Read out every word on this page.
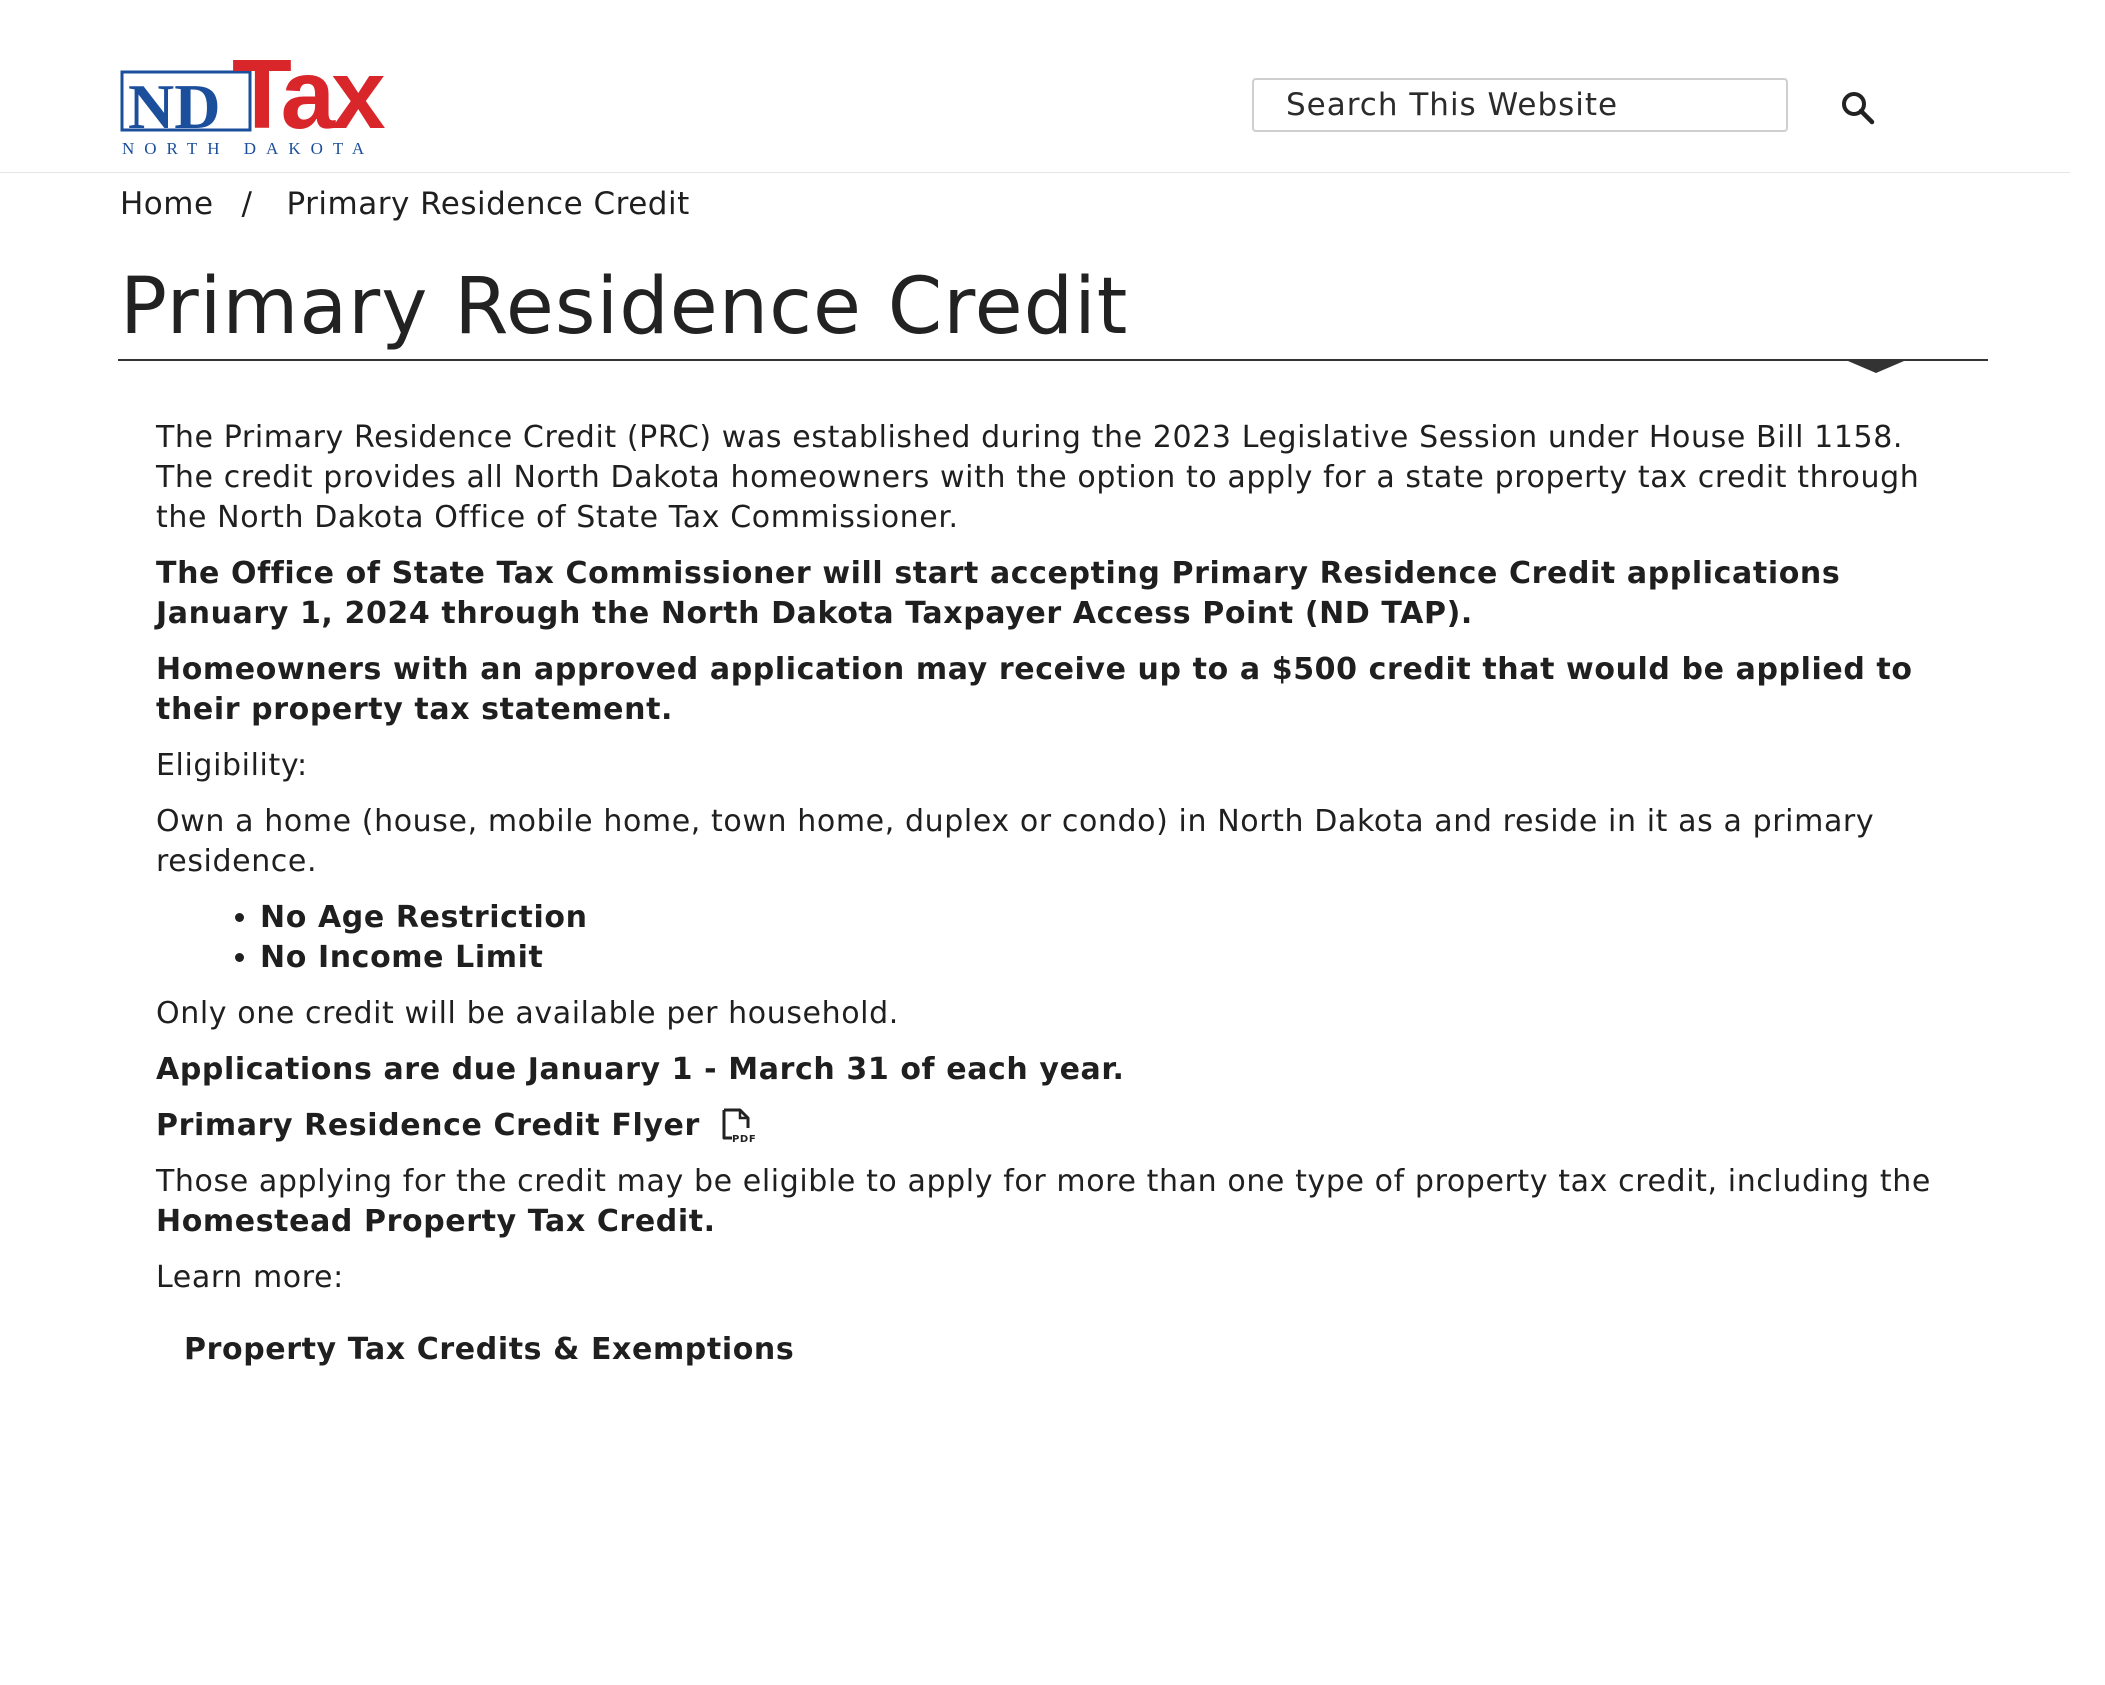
ND Tax
NORTH DAKOTA
Search This Website
Home / Primary Residence Credit
Primary Residence Credit

The Primary Residence Credit (PRC) was established during the 2023 Legislative Session under House Bill 1158. The credit provides all North Dakota homeowners with the option to apply for a state property tax credit through the North Dakota Office of State Tax Commissioner.

The Office of State Tax Commissioner will start accepting Primary Residence Credit applications January 1, 2024 through the North Dakota Taxpayer Access Point (ND TAP).

Homeowners with an approved application may receive up to a $500 credit that would be applied to their property tax statement.

Eligibility:

Own a home (house, mobile home, town home, duplex or condo) in North Dakota and reside in it as a primary residence.

• No Age Restriction
• No Income Limit

Only one credit will be available per household.

Applications are due January 1 - March 31 of each year.

Primary Residence Credit Flyer	PDF

Those applying for the credit may be eligible to apply for more than one type of property tax credit, including the Homestead Property Tax Credit.

Learn more:

Property Tax Credits & Exemptions
